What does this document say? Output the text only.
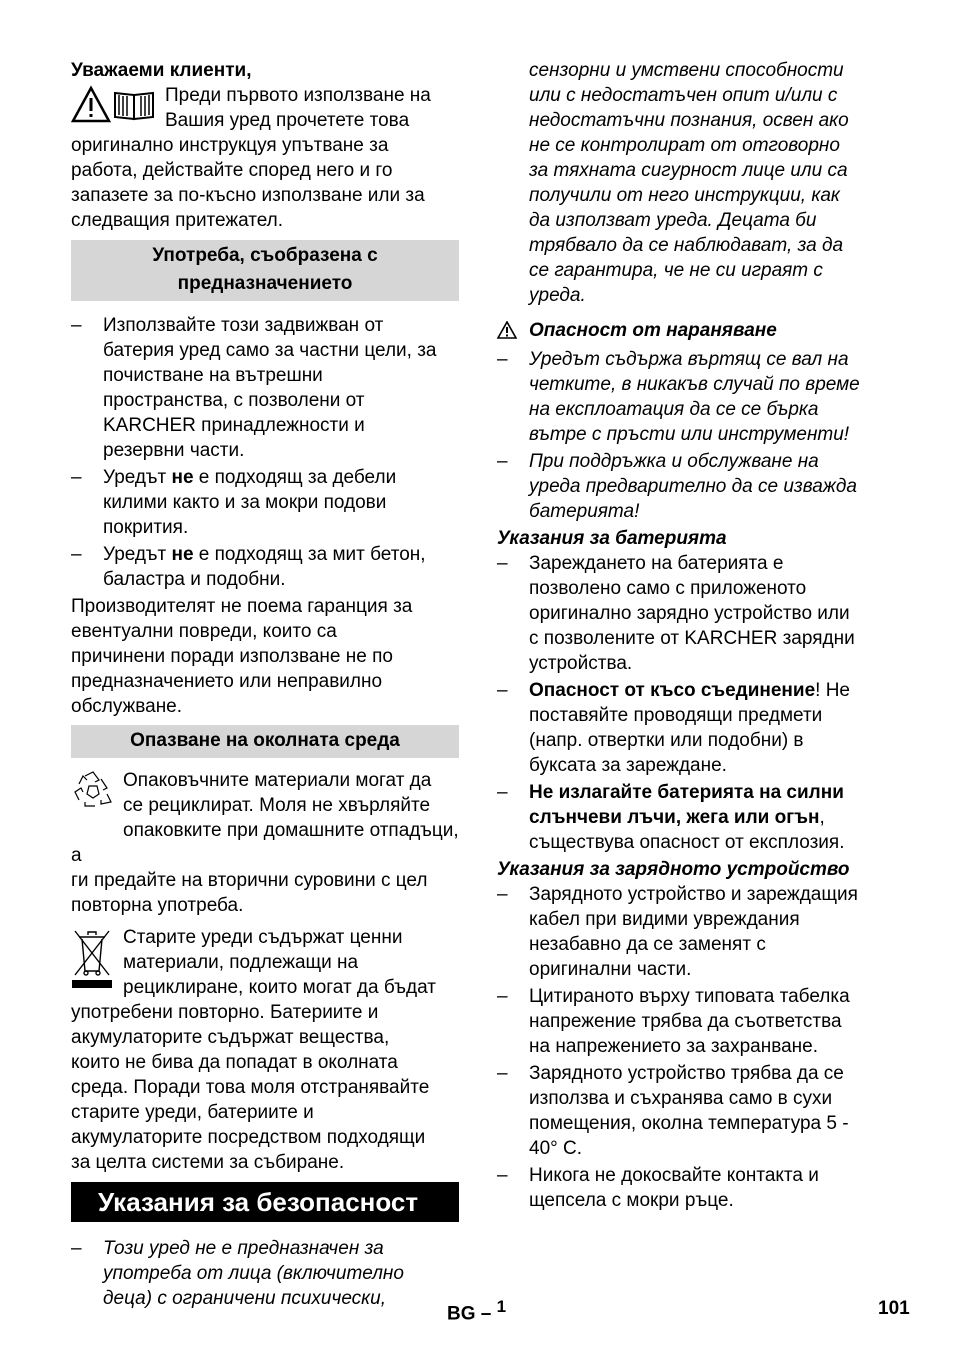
Уважаеми клиенти,

Преди първото използване на

Вашия уред прочетете това

оригинално инструкцуя упътване за

работа, действайте според него и го

запазете за по-късно използване или за

следващия притежател.

Употреба, съобразена с
предназначението
– Използвайте този задвижван от

батерия уред само за частни цели, за

почистване на вътрешни

пространства, с позволени от

KARCHER принадлежности и

резервни части.

– Уредът не е подходящ за дебели

килими както и за мокри подови

покрития.

– Уредът не е подходящ за мит бетон,

баластра и подобни.

Производителят не поема гаранция за

евентуални повреди, които са

причинени поради използване не по

предназначението или неправилно

обслужване.

Опазване на околната среда

Опаковъчните материали могат да

се рециклират. Моля не хвърляйте

опаковките при домашните отпадъци, а

ги предайте на вторични суровини с цел

повторна употреба.

Старите уреди съдържат ценни

материали, подлежащи на

рециклиране, които могат да бъдат

употребени повторно. Батериите и

акумулаторите съдържат вещества,

които не бива да попадат в околната

среда. Поради това моля отстранявайте

старите уреди, батериите и

акумулаторите посредством подходящи

за целта системи за събиране.

Указания за безопасност
– Този уред не е предназначен за

употреба от лица (включително

деца) с ограничени психически,

сензорни и умствени способности

или с недостатъчен опит и/или с

недостатъчни познания, освен ако

не се контролират от отговорно

за тяхната сигурност лице или са

получили от него инструкции, как

да използват уреда. Децата би

трябвало да се наблюдават, за да

се гарантира, че не си играят с

уреда.

Опасност от нараняване
– Уредът съдържа въртящ се вал на

четките, в никакъв случай по време

на експлоатация да се се бърка

вътре с пръсти или инструменти!

– При поддръжка и обслужване на

уреда предварително да се изважда

батерията!

Указания за батерията

– Зареждането на батерията е

позволено само с приложеното

оригинално зарядно устройство или

с позволените от KARCHER зарядни

устройства.

– Опасност от късо съединение! Не

поставяйте проводящи предмети

(напр. отвертки или подобни) в

буксата за зареждане.

– Не излагайте батерията на силни

слънчеви лъчи, жега или огън,

съществува опасност от експлозия.

Указания за зарядното устройство

– Зарядното устройство и зареждащия

кабел при видими увреждания

незабавно да се заменят с

оригинални части.

– Цитираното върху типовата табелка

напрежение трябва да съответства

на напрежението за захранване.

– Зарядното устройство трябва да се

използва и съхранява само в сухи

помещения, околна температура 5 -

40° C.

– Никога не докосвайте контакта и

щепсела с мокри ръце.

BG – $^1$	101
